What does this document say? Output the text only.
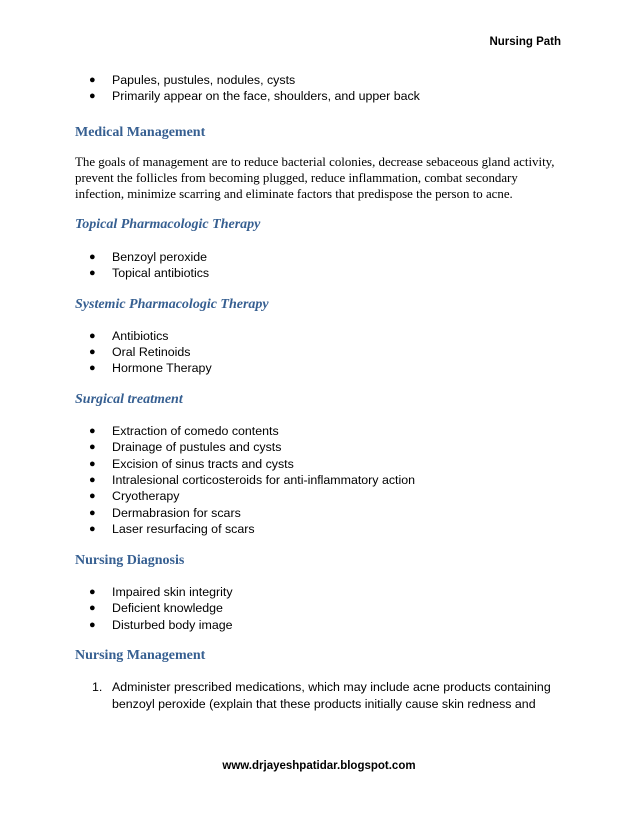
Nursing Path
● Papules, pustules, nodules, cysts
● Primarily appear on the face, shoulders, and upper back
Medical Management

The goals of management are to reduce bacterial colonies, decrease sebaceous gland activity, prevent the follicles from becoming plugged, reduce inflammation, combat secondary infection, minimize scarring and eliminate factors that predispose the person to acne.

Topical Pharmacologic Therapy
● Benzoyl peroxide
● Topical antibiotics
Systemic Pharmacologic Therapy
● Antibiotics
● Oral Retinoids
● Hormone Therapy
Surgical treatment
● Extraction of comedo contents
● Drainage of pustules and cysts
● Excision of sinus tracts and cysts
● Intralesional corticosteroids for anti-inflammatory action
● Cryotherapy
● Dermabrasion for scars
● Laser resurfacing of scars
Nursing Diagnosis
● Impaired skin integrity
● Deficient knowledge
● Disturbed body image
Nursing Management
1. Administer prescribed medications, which may include acne products containing
benzoyl peroxide (explain that these products initially cause skin redness and
www.drjayeshpatidar.blogspot.com
